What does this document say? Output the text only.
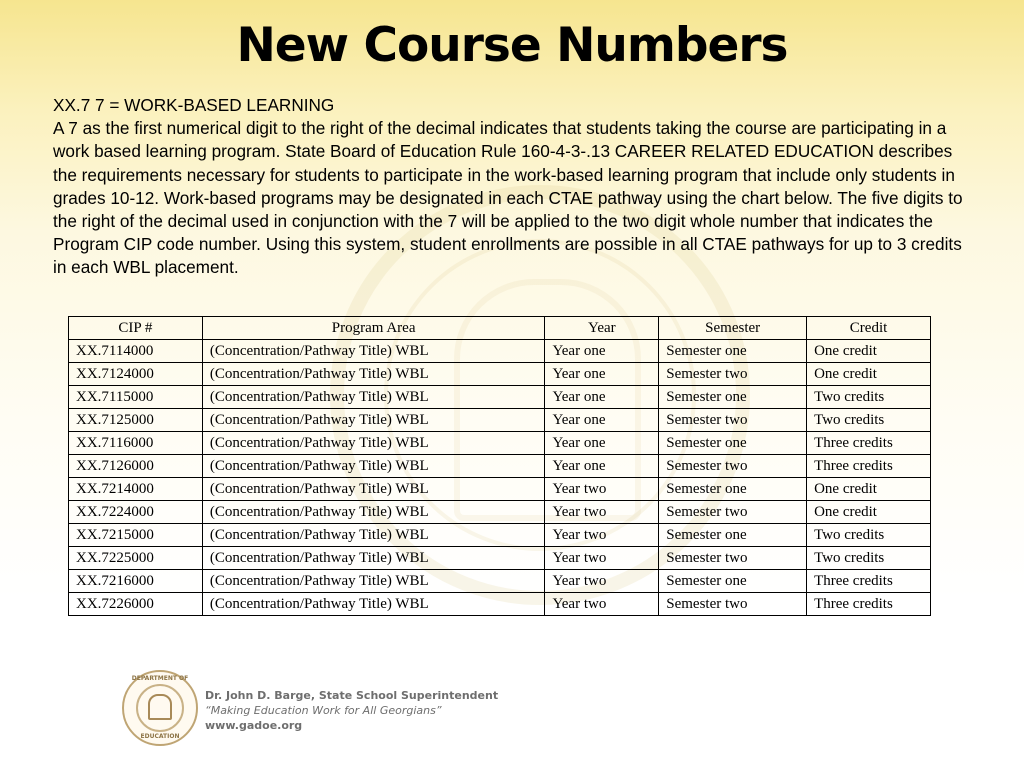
New Course Numbers

XX.7 7 = WORK-BASED LEARNING

A 7 as the first numerical digit to the right of the decimal indicates that students taking the course are participating in a work based learning program. State Board of Education Rule 160-4-3-.13 CAREER RELATED EDUCATION describes the requirements necessary for students to participate in the work-based learning program that include only students in grades 10-12. Work-based programs may be designated in each CTAE pathway using the chart below. The five digits to the right of the decimal used in conjunction with the 7 will be applied to the two digit whole number that indicates the Program CIP code number. Using this system, student enrollments are possible in all CTAE pathways for up to 3 credits in each WBL placement.

CIP #	Program Area	Year	Semester	Credit
XX.7114000	(Concentration/Pathway Title) WBL	Year one	Semester one	One credit
XX.7124000	(Concentration/Pathway Title) WBL	Year one	Semester two	One credit
XX.7115000	(Concentration/Pathway Title) WBL	Year one	Semester one	Two credits
XX.7125000	(Concentration/Pathway Title) WBL	Year one	Semester two	Two credits
XX.7116000	(Concentration/Pathway Title) WBL	Year one	Semester one	Three credits
XX.7126000	(Concentration/Pathway Title) WBL	Year one	Semester two	Three credits
XX.7214000	(Concentration/Pathway Title) WBL	Year two	Semester one	One credit
XX.7224000	(Concentration/Pathway Title) WBL	Year two	Semester two	One credit
XX.7215000	(Concentration/Pathway Title) WBL	Year two	Semester one	Two credits
XX.7225000	(Concentration/Pathway Title) WBL	Year two	Semester two	Two credits
XX.7216000	(Concentration/Pathway Title) WBL	Year two	Semester one	Three credits
XX.7226000	(Concentration/Pathway Title) WBL	Year two	Semester two	Three credits
DEPARTMENT OF
EDUCATION
Dr. John D. Barge, State School Superintendent
“Making Education Work for All Georgians”
www.gadoe.org
